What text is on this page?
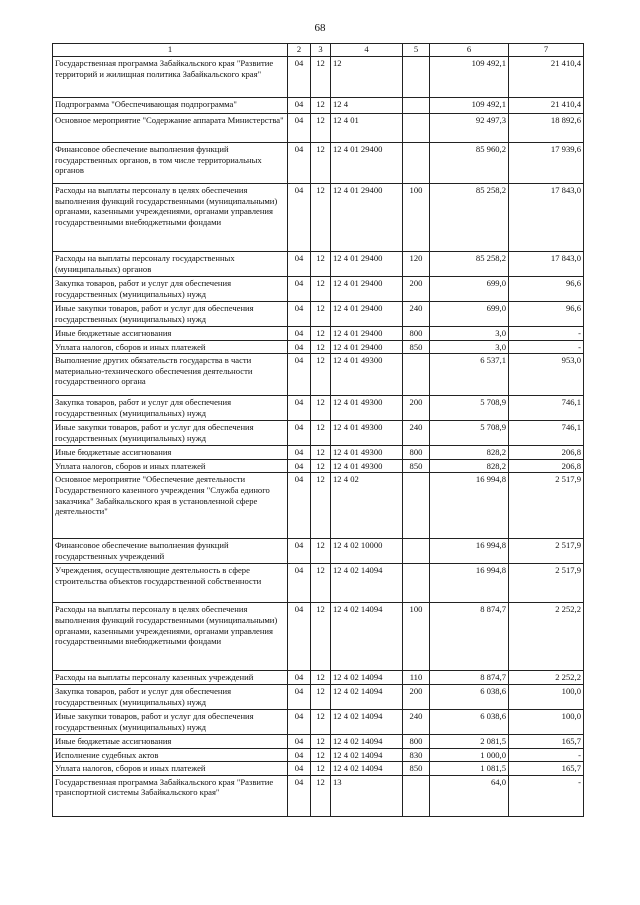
68
1	2	3	4	5	6	7
Государственная программа Забайкальского края "Развитие территорий и жилищная политика Забайкальского края"	04	12	12		109 492,1	21 410,4
Подпрограмма "Обеспечивающая подпрограмма"	04	12	12 4		109 492,1	21 410,4
Основное мероприятие "Содержание аппарата Министерства"	04	12	12 4 01		92 497,3	18 892,6
Финансовое обеспечение выполнения функций государственных органов, в том числе территориальных органов	04	12	12 4 01 29400		85 960,2	17 939,6
Расходы на выплаты персоналу в целях обеспечения выполнения функций государственными (муниципальными) органами, казенными учреждениями, органами управления государственными внебюджетными фондами	04	12	12 4 01 29400	100	85 258,2	17 843,0
Расходы на выплаты персоналу государственных (муниципальных) органов	04	12	12 4 01 29400	120	85 258,2	17 843,0
Закупка товаров, работ и услуг для обеспечения государственных (муниципальных) нужд	04	12	12 4 01 29400	200	699,0	96,6
Иные закупки товаров, работ и услуг для обеспечения государственных (муниципальных) нужд	04	12	12 4 01 29400	240	699,0	96,6
Иные бюджетные ассигнования	04	12	12 4 01 29400	800	3,0	-
Уплата налогов, сборов и иных платежей	04	12	12 4 01 29400	850	3,0	-
Выполнение других обязательств государства в части материально-технического обеспечения деятельности государственного органа	04	12	12 4 01 49300		6 537,1	953,0
Закупка товаров, работ и услуг для обеспечения государственных (муниципальных) нужд	04	12	12 4 01 49300	200	5 708,9	746,1
Иные закупки товаров, работ и услуг для обеспечения государственных (муниципальных) нужд	04	12	12 4 01 49300	240	5 708,9	746,1
Иные бюджетные ассигнования	04	12	12 4 01 49300	800	828,2	206,8
Уплата налогов, сборов и иных платежей	04	12	12 4 01 49300	850	828,2	206,8
Основное мероприятие "Обеспечение деятельности Государственного казенного учреждения "Служба единого заказчика" Забайкальского края в установленной сфере деятельности"	04	12	12 4 02		16 994,8	2 517,9
Финансовое обеспечение выполнения функций государственных учреждений	04	12	12 4 02 10000		16 994,8	2 517,9
Учреждения, осуществляющие деятельность в сфере строительства объектов государственной собственности	04	12	12 4 02 14094		16 994,8	2 517,9
Расходы на выплаты персоналу в целях обеспечения выполнения функций государственными (муниципальными) органами, казенными учреждениями, органами управления государственными внебюджетными фондами	04	12	12 4 02 14094	100	8 874,7	2 252,2
Расходы на выплаты персоналу казенных учреждений	04	12	12 4 02 14094	110	8 874,7	2 252,2
Закупка товаров, работ и услуг для обеспечения государственных (муниципальных) нужд	04	12	12 4 02 14094	200	6 038,6	100,0
Иные закупки товаров, работ и услуг для обеспечения государственных (муниципальных) нужд	04	12	12 4 02 14094	240	6 038,6	100,0
Иные бюджетные ассигнования	04	12	12 4 02 14094	800	2 081,5	165,7
Исполнение судебных актов	04	12	12 4 02 14094	830	1 000,0	-
Уплата налогов, сборов и иных платежей	04	12	12 4 02 14094	850	1 081,5	165,7
Государственная программа Забайкальского края "Развитие транспортной системы Забайкальского края"	04	12	13		64,0	-
